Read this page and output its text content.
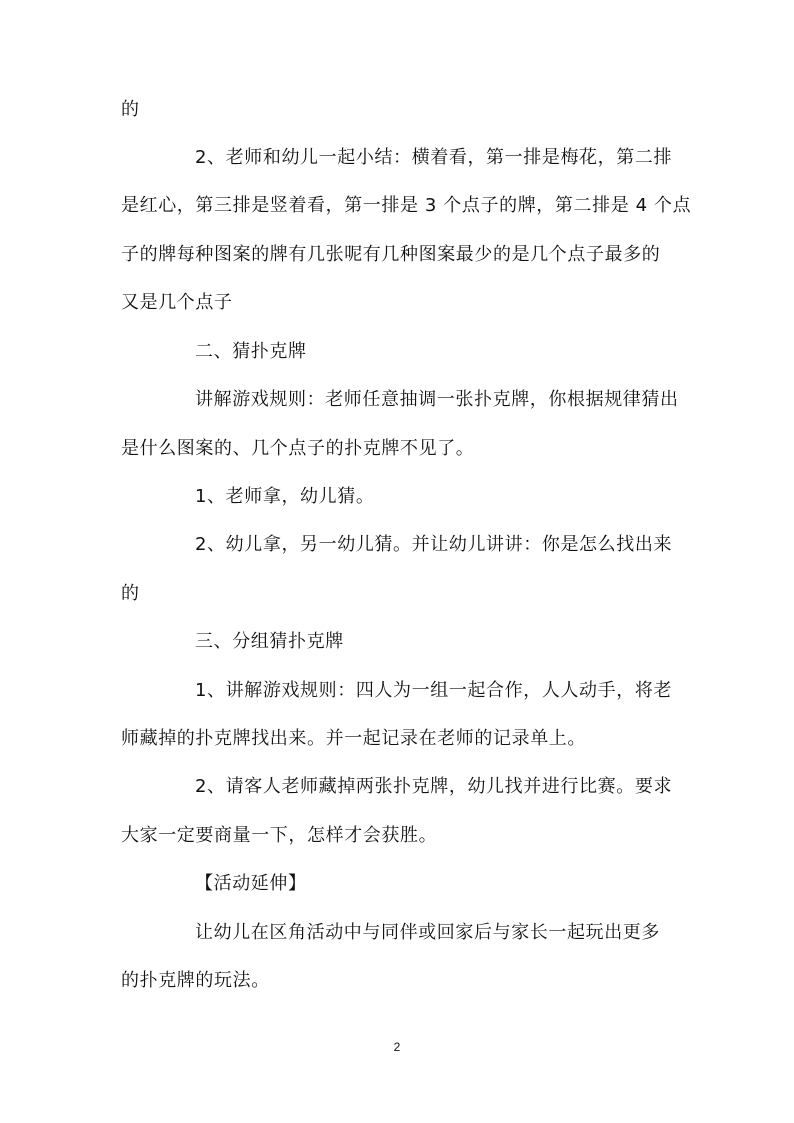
的
2、老师和幼儿一起小结：横着看，第一排是梅花，第二排
是红心，第三排是竖着看，第一排是 3 个点子的牌，第二排是 4 个点
子的牌每种图案的牌有几张呢有几种图案最少的是几个点子最多的
又是几个点子
二、猜扑克牌
讲解游戏规则：老师任意抽调一张扑克牌，你根据规律猜出
是什么图案的、几个点子的扑克牌不见了。
1、老师拿，幼儿猜。
2、幼儿拿，另一幼儿猜。并让幼儿讲讲：你是怎么找出来
的
三、分组猜扑克牌
1、讲解游戏规则：四人为一组一起合作，人人动手，将老
师藏掉的扑克牌找出来。并一起记录在老师的记录单上。
2、请客人老师藏掉两张扑克牌，幼儿找并进行比赛。要求
大家一定要商量一下，怎样才会获胜。
【活动延伸】
让幼儿在区角活动中与同伴或回家后与家长一起玩出更多
的扑克牌的玩法。
2
